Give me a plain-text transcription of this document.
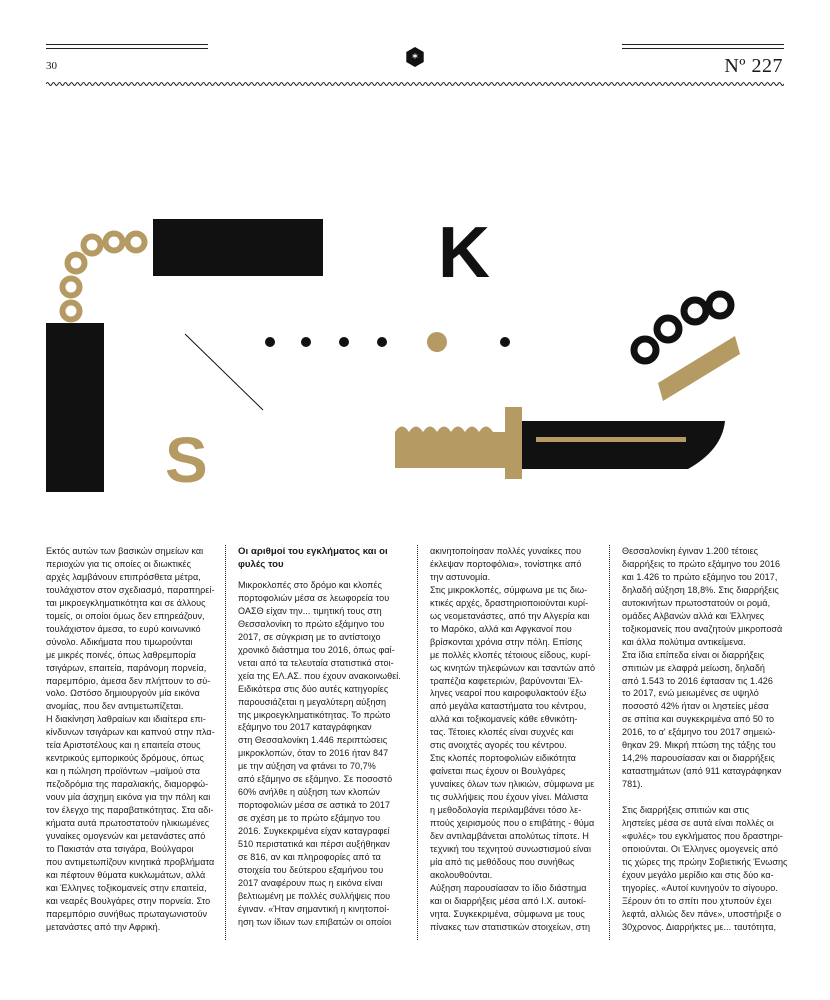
*
30	Nº 227
K
S

Εκτός αυτών των βασικών σημείων και
περιοχών για τις οποίες οι διωκτικές
αρχές λαμβάνουν επιπρόσθετα μέτρα,
τουλάχιστον στον σχεδιασμό, παραπηρεί-
ται μικροεγκληματικότητα και σε άλλους
τομείς, οι οποίοι όμως δεν επηρεάζουν,
τουλάχιστον άμεσα, το ευρύ κοινωνικό
σύνολο. Αδικήματα που τιμωρούνται
με μικρές ποινές, όπως λαθρεμπορία
τσιγάρων, επαιτεία, παράνομη πορνεία,
παρεμπόριο, άμεσα δεν πλήττουν το σύ-
νολο. Ωστόσο δημιουργούν μία εικόνα
ανομίας, που δεν αντιμετωπίζεται.

Η διακίνηση λαθραίων και ιδιαίτερα επι-
κίνδυνων τσιγάρων και καπνού στην πλα-
τεία Αριστοτέλους και η επαιτεία στους
κεντρικούς εμπορικούς δρόμους, όπως
και η πώληση προϊόντων –μαϊμού στα
πεζοδρόμια της παραλιακής, διαμορφώ-
νουν μία άσχημη εικόνα για την πόλη και
τον έλεγχο της παραβατικότητας. Στα αδι-
κήματα αυτά πρωτοστατούν ηλικιωμένες
γυναίκες ομογενών και μετανάστες από
το Πακιστάν στα τσιγάρα, Βούλγαροι
που αντιμετωπίζουν κινητικά προβλήματα
και πέφτουν θύματα κυκλωμάτων, αλλά
και Έλληνες τοξικομανείς στην επαιτεία,
και νεαρές Βουλγάρες στην πορνεία. Στο
παρεμπόριο συνήθως πρωταγωνιστούν
μετανάστες από την Αφρική.

Οι αριθμοί του εγκλήματος και οι
φυλές του

Μικροκλοπές στο δρόμο και κλοπές
πορτοφολιών μέσα σε λεωφορεία του
ΟΑΣΘ είχαν την... τιμητική τους στη
Θεσσαλονίκη το πρώτο εξάμηνο του
2017, σε σύγκριση με το αντίστοιχο
χρονικό διάστημα του 2016, όπως φαί-
νεται από τα τελευταία στατιστικά στοι-
χεία της ΕΛ.ΑΣ. που έχουν ανακοινωθεί.
Ειδικότερα στις δύο αυτές κατηγορίες
παρουσιάζεται η μεγαλύτερη αύξηση
της μικροεγκληματικότητας. Το πρώτο
εξάμηνο του 2017 καταγράφηκαν
στη Θεσσαλονίκη 1.446 περιπτώσεις
μικροκλοπών, όταν το 2016 ήταν 847
με την αύξηση να φτάνει το 70,7%
από εξάμηνο σε εξάμηνο. Σε ποσοστό
60% ανήλθε η αύξηση των κλοπών
πορτοφολιών μέσα σε αστικά το 2017
σε σχέση με το πρώτο εξάμηνο του
2016. Συγκεκριμένα είχαν καταγραφεί
510 περιστατικά και πέρσι αυξήθηκαν
σε 816, αν και πληροφορίες από τα
στοιχεία του δεύτερου εξαμήνου του
2017 αναφέρουν πως η εικόνα είναι
βελτιωμένη με πολλές συλλήψεις που
έγιναν. «Ήταν σημαντική η κινητοποί-
ηση των ίδιων των επιβατών οι οποίοι

ακινητοποίησαν πολλές γυναίκες που
έκλεψαν πορτοφόλια», τονίστηκε από
την αστυνομία.

Στις μικροκλοπές, σύμφωνα με τις διω-
κτικές αρχές, δραστηριοποιούνται κυρί-
ως νεομετανάστες, από την Αλγερία και
το Μαρόκο, αλλά και Αφγκανοί που
βρίσκονται χρόνια στην πόλη. Επίσης
με πολλές κλοπές τέτοιους είδους, κυρί-
ως κινητών τηλεφώνων και τσαντών από
τραπέζια καφετεριών, βαρύνονται Έλ-
ληνες νεαροί που καιροφυλακτούν έξω
από μεγάλα καταστήματα του κέντρου,
αλλά και τοξικομανείς κάθε εθνικότη-
τας. Τέτοιες κλοπές είναι συχνές και
στις ανοιχτές αγορές του κέντρου.

Στις κλοπές πορτοφολιών ειδικότητα
φαίνεται πως έχουν οι Βουλγάρες
γυναίκες όλων των ηλικιών, σύμφωνα με
τις συλλήψεις που έχουν γίνει. Μάλιστα
η μεθοδολογία περιλαμβάνει τόσο λε-
πτούς χειρισμούς που ο επιβάτης - θύμα
δεν αντιλαμβάνεται απολύτως τίποτε. Η
τεχνική του τεχνητού συνωστισμού είναι
μία από τις μεθόδους που συνήθως
ακολουθούνται.

Αύξηση παρουσίασαν το ίδιο διάστημα
και οι διαρρήξεις μέσα από Ι.Χ. αυτοκί-
νητα. Συγκεκριμένα, σύμφωνα με τους
πίνακες των στατιστικών στοιχείων, στη

Θεσσαλονίκη έγιναν 1.200 τέτοιες
διαρρήξεις το πρώτο εξάμηνο του 2016
και 1.426 το πρώτο εξάμηνο του 2017,
δηλαδή αύξηση 18,8%. Στις διαρρήξεις
αυτοκινήτων πρωτοστατούν οι ρομά,
ομάδες Αλβανών αλλά και Έλληνες
τοξικομανείς που αναζητούν μικροποσά
και άλλα πολύτιμα αντικείμενα.

Στα ίδια επίπεδα είναι οι διαρρήξεις
σπιτιών με ελαφρά μείωση, δηλαδή
από 1.543 το 2016 έφτασαν τις 1.426
το 2017, ενώ μειωμένες σε υψηλό
ποσοστό 42% ήταν οι ληστείες μέσα
σε σπίτια και συγκεκριμένα από 50 το
2016, το α' εξάμηνο του 2017 σημειώ-
θηκαν 29. Μικρή πτώση της τάξης του
14,2% παρουσίασαν και οι διαρρήξεις
καταστημάτων (από 911 καταγράφηκαν
781).

Στις διαρρήξεις σπιτιών και στις
ληστείες μέσα σε αυτά είναι πολλές οι
«φυλές» του εγκλήματος που δραστηρι-
οποιούνται. Οι Έλληνες ομογενείς από
τις χώρες της πρώην Σοβιετικής Ένωσης
έχουν μεγάλο μερίδιο και στις δύο κα-
τηγορίες. «Αυτοί κυνηγούν το σίγουρο.
Ξέρουν ότι το σπίτι που χτυπούν έχει
λεφτά, αλλιώς δεν πάνε», υποστήριξε ο
30χρονος. Διαρρήκτες με... ταυτότητα,
